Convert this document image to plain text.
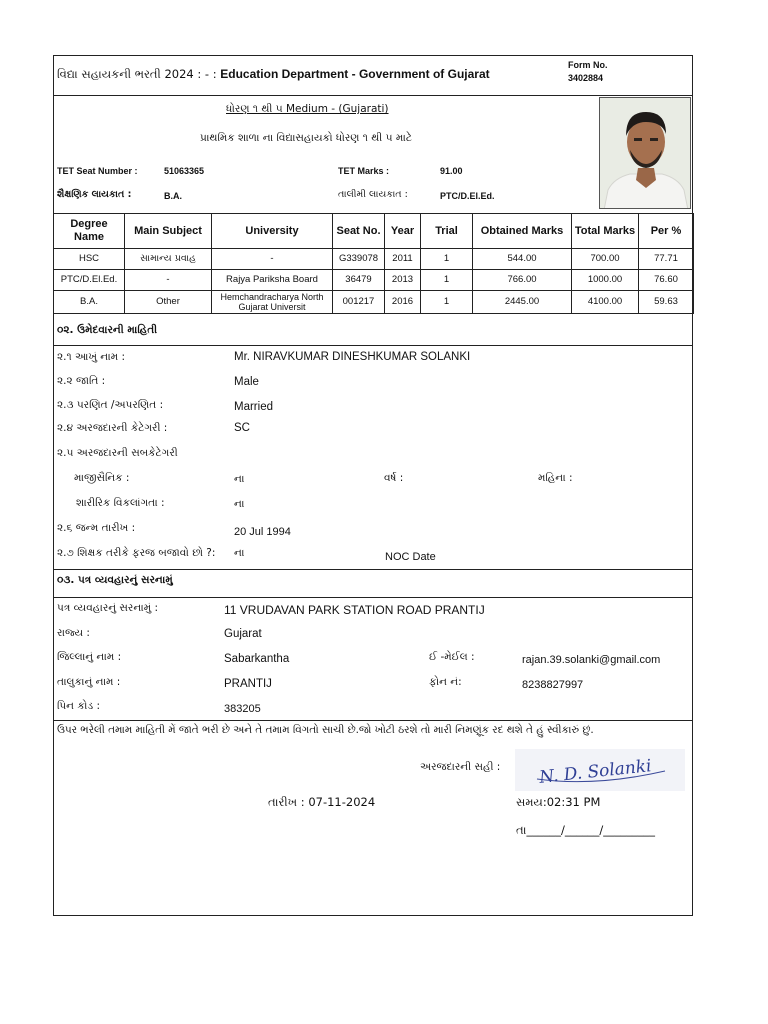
વિદ્યા સહાયકની ભરતી 2024 : - : Education Department - Government of Gujarat
Form No.
3402884
ધોરણ ૧ થી ૫ Medium - (Gujarati)
પ્રાથમિક શાળા ના વિદ્યાસહાયકો ધોરણ ૧ થી ૫ માટે
TET Seat Number :	51063365	TET Marks :	91.00
શૈક્ષણિક લાયકાત :	B.A.	તાલીમી લાયકાત :	PTC/D.El.Ed.
Degree Name	Main Subject	University	Seat No.	Year	Trial	Obtained Marks	Total Marks	Per %
HSC	સામાન્ય પ્રવાહ	-	G339078	2011	1	544.00	700.00	77.71
PTC/D.El.Ed.	-	Rajya Pariksha Board	36479	2013	1	766.00	1000.00	76.60
B.A.	Other	Hemchandracharya North Gujarat Universit	001217	2016	1	2445.00	4100.00	59.63
૦૨. ઉમેદવારની માહિતી
૨.૧ આખું નામ :	Mr. NIRAVKUMAR DINESHKUMAR SOLANKI
૨.૨ જાતિ :	Male
૨.૩ પરણિત /અપરણિત :	Married
૨.૪ અરજદારની કેટેગરી :	SC
૨.૫ અરજદારની સબકેટેગરી
માજીસૈનિક :	ના	વર્ષ :	મહિના :
શારીરિક વિકલાંગતા :	ના
૨.૬ જન્મ તારીખ :	20 Jul 1994
૨.૭ શિક્ષક તરીકે ફરજ બજાવો છો ?: ના	NOC Date
૦૩. પત્ર વ્યવહારનું સરનામું
પત્ર વ્યવહારનું સરનામું :	11 VRUDAVAN PARK STATION ROAD PRANTIJ
રાજ્ય :	Gujarat
જિલ્લાનું નામ :	Sabarkantha	ઈ -મેઈલ :	rajan.39.solanki@gmail.com
તાલુકાનું નામ :	PRANTIJ	ફોન નં:	8238827997
પિન કોડ :	383205
ઉપર ભરેલી તમામ માહિતી મેં જાતે ભરી છે અને તે તમામ વિગતો સાચી છે.જો ખોટી ઠરશે તો મારી નિમણૂંક રદ થશે તે હું સ્વીકારું છું.
અરજદારની સહી : N. D. Solanki
તારીખ : 07-11-2024	સમય:02:31 PM
તા______/______/_________
